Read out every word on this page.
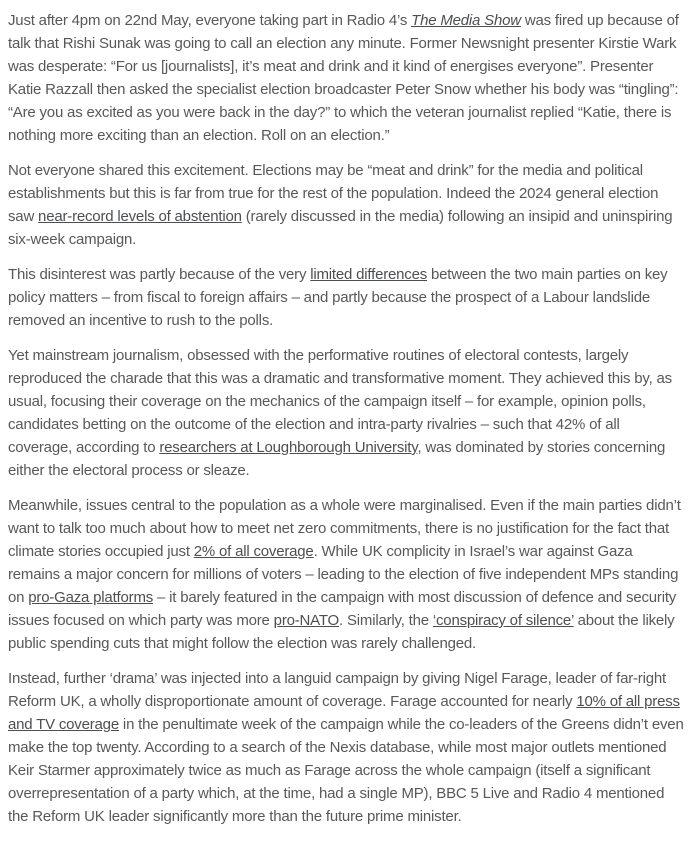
Just after 4pm on 22nd May, everyone taking part in Radio 4’s The Media Show was fired up because of talk that Rishi Sunak was going to call an election any minute. Former Newsnight presenter Kirstie Wark was desperate: “For us [journalists], it’s meat and drink and it kind of energises everyone”. Presenter Katie Razzall then asked the specialist election broadcaster Peter Snow whether his body was “tingling”: “Are you as excited as you were back in the day?” to which the veteran journalist replied “Katie, there is nothing more exciting than an election. Roll on an election.”

Not everyone shared this excitement. Elections may be “meat and drink” for the media and political establishments but this is far from true for the rest of the population. Indeed the 2024 general election saw near-record levels of abstention (rarely discussed in the media) following an insipid and uninspiring six-week campaign.

This disinterest was partly because of the very limited differences between the two main parties on key policy matters – from fiscal to foreign affairs – and partly because the prospect of a Labour landslide removed an incentive to rush to the polls.

Yet mainstream journalism, obsessed with the performative routines of electoral contests, largely reproduced the charade that this was a dramatic and transformative moment. They achieved this by, as usual, focusing their coverage on the mechanics of the campaign itself – for example, opinion polls, candidates betting on the outcome of the election and intra-party rivalries – such that 42% of all coverage, according to researchers at Loughborough University, was dominated by stories concerning either the electoral process or sleaze.

Meanwhile, issues central to the population as a whole were marginalised. Even if the main parties didn’t want to talk too much about how to meet net zero commitments, there is no justification for the fact that climate stories occupied just 2% of all coverage. While UK complicity in Israel’s war against Gaza remains a major concern for millions of voters – leading to the election of five independent MPs standing on pro-Gaza platforms – it barely featured in the campaign with most discussion of defence and security issues focused on which party was more pro-NATO. Similarly, the ‘conspiracy of silence’ about the likely public spending cuts that might follow the election was rarely challenged.

Instead, further ‘drama’ was injected into a languid campaign by giving Nigel Farage, leader of far-right Reform UK, a wholly disproportionate amount of coverage. Farage accounted for nearly 10% of all press and TV coverage in the penultimate week of the campaign while the co-leaders of the Greens didn’t even make the top twenty. According to a search of the Nexis database, while most major outlets mentioned Keir Starmer approximately twice as much as Farage across the whole campaign (itself a significant overrepresentation of a party which, at the time, had a single MP), BBC 5 Live and Radio 4 mentioned the Reform UK leader significantly more than the future prime minister.
